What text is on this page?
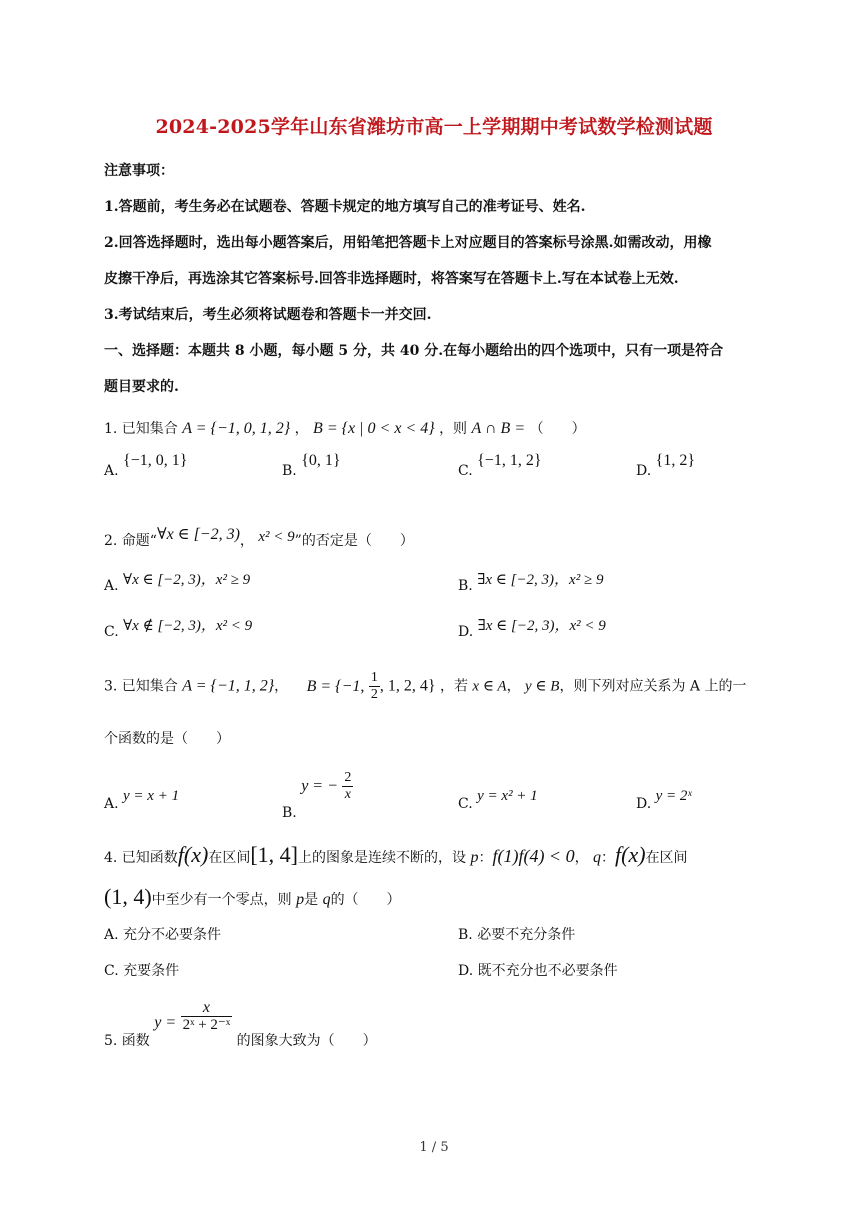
2024-2025学年山东省潍坊市高一上学期期中考试数学检测试题
注意事项：
1.答题前，考生务必在试题卷、答题卡规定的地方填写自己的准考证号、姓名.
2.回答选择题时，选出每小题答案后，用铅笔把答题卡上对应题目的答案标号涂黑.如需改动，用橡
皮擦干净后，再选涂其它答案标号.回答非选择题时，将答案写在答题卡上.写在本试卷上无效.
3.考试结束后，考生必须将试题卷和答题卡一并交回.
一、选择题：本题共 8 小题，每小题 5 分，共 40 分.在每小题给出的四个选项中，只有一项是符合
题目要求的.
1. 已知集合 A = {−1, 0, 1, 2} ， B = {x | 0 < x < 4} ，则 A ∩ B = （　　）
A. {−1, 0, 1}
B. {0, 1}
C. {−1, 1, 2}
D. {1, 2}
2. 命题“∀x ∈ [−2, 3)， x² < 9”的否定是（　　）
A. ∀x ∈ [−2, 3)，x² ≥ 9	B. ∃x ∈ [−2, 3)，x² ≥ 9
C. ∀x ∉ [−2, 3)，x² < 9	D. ∃x ∈ [−2, 3)，x² < 9
3. 已知集合 A = {−1, 1, 2}， B = {−1, $\frac{1}{2}$ , 1, 2, 4} ，若 x ∈ A， y ∈ B，则下列对应关系为 A 上的一
个函数的是（　　）
A. y = x + 1
B. y = − $\frac{2}{x}$
C. y = x² + 1	D. y = 2ˣ
4. 已知函数f(x)在区间[1, 4]上的图象是连续不断的，设 p：f(1)f(4) < 0， q：f(x)在区间
(1, 4)中至少有一个零点，则 p是 q的（　　）
A. 充分不必要条件	B. 必要不充分条件
C. 充要条件	D. 既不充分也不必要条件
5. 函数 $y = \frac{x}{\text{2ˣ + 2⁻ˣ}}$
的图象大致为（　　）
1 / 5
